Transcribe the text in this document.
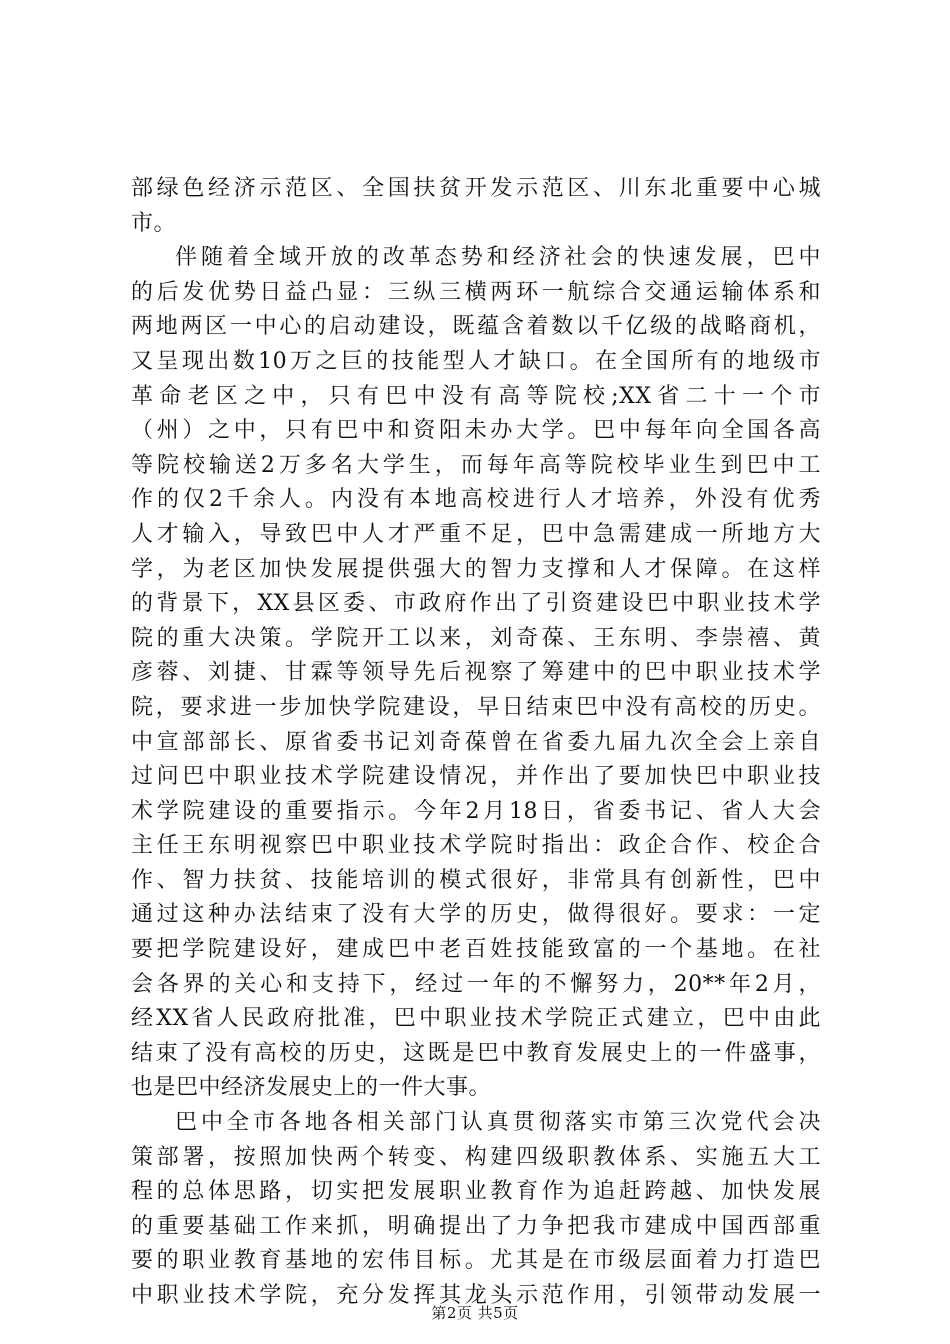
部绿色经济示范区、全国扶贫开发示范区、川东北重要中心城
市。
伴随着全域开放的改革态势和经济社会的快速发展，巴中
的后发优势日益凸显：三纵三横两环一航综合交通运输体系和
两地两区一中心的启动建设，既蕴含着数以千亿级的战略商机，
又呈现出数10万之巨的技能型人才缺口。在全国所有的地级市
革命老区之中，只有巴中没有高等院校;XX省二十一个市
（州）之中，只有巴中和资阳未办大学。巴中每年向全国各高
等院校输送2万多名大学生，而每年高等院校毕业生到巴中工
作的仅2千余人。内没有本地高校进行人才培养，外没有优秀
人才输入，导致巴中人才严重不足，巴中急需建成一所地方大
学，为老区加快发展提供强大的智力支撑和人才保障。在这样
的背景下，XX县区委、市政府作出了引资建设巴中职业技术学
院的重大决策。学院开工以来，刘奇葆、王东明、李崇禧、黄
彦蓉、刘捷、甘霖等领导先后视察了筹建中的巴中职业技术学
院，要求进一步加快学院建设，早日结束巴中没有高校的历史。
中宣部部长、原省委书记刘奇葆曾在省委九届九次全会上亲自
过问巴中职业技术学院建设情况，并作出了要加快巴中职业技
术学院建设的重要指示。今年2月18日，省委书记、省人大会
主任王东明视察巴中职业技术学院时指出：政企合作、校企合
作、智力扶贫、技能培训的模式很好，非常具有创新性，巴中
通过这种办法结束了没有大学的历史，做得很好。要求：一定
要把学院建设好，建成巴中老百姓技能致富的一个基地。在社
会各界的关心和支持下，经过一年的不懈努力，20**年2月，
经XX省人民政府批准，巴中职业技术学院正式建立，巴中由此
结束了没有高校的历史，这既是巴中教育发展史上的一件盛事，
也是巴中经济发展史上的一件大事。
巴中全市各地各相关部门认真贯彻落实市第三次党代会决
策部署，按照加快两个转变、构建四级职教体系、实施五大工
程的总体思路，切实把发展职业教育作为追赶跨越、加快发展
的重要基础工作来抓，明确提出了力争把我市建成中国西部重
要的职业教育基地的宏伟目标。尤其是在市级层面着力打造巴
中职业技术学院，充分发挥其龙头示范作用，引领带动发展一
第2页 共5页
